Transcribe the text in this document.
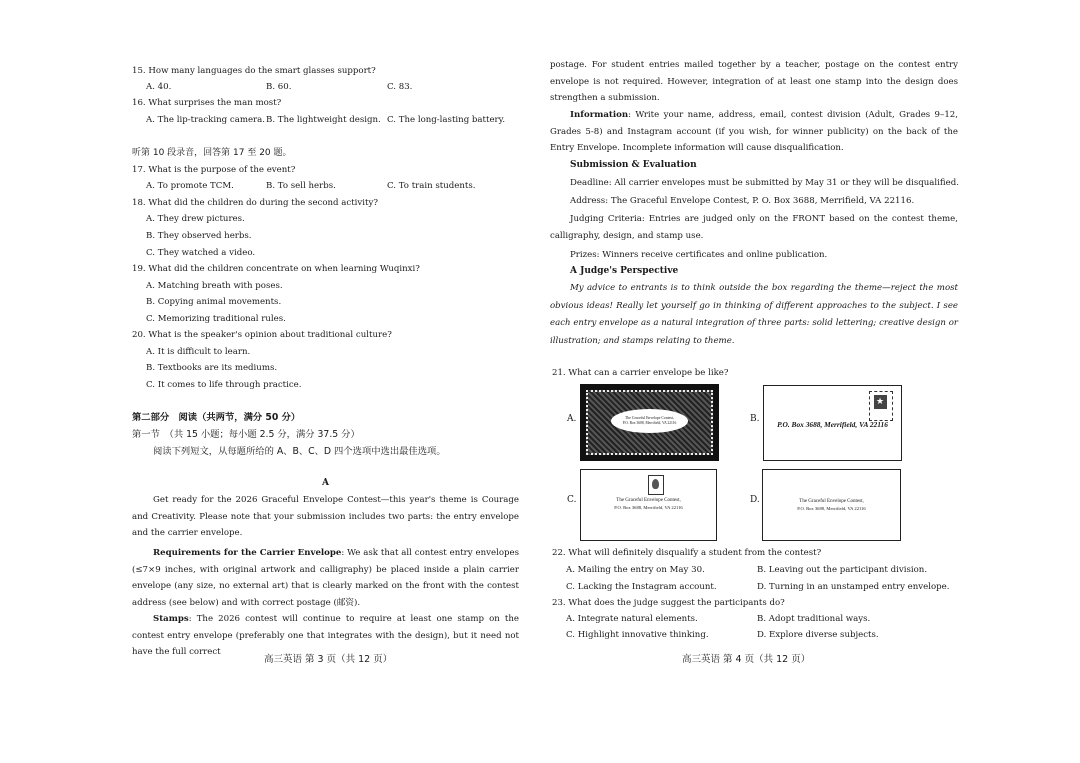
15. How many languages do the smart glasses support?
A. 40.	B. 60.	C. 83.
16. What surprises the man most?
A. The lip-tracking camera. B. The lightweight design. C. The long-lasting battery.
听第 10 段录音，回答第 17 至 20 题。
17. What is the purpose of the event?
A. To promote TCM.	B. To sell herbs.	C. To train students.
18. What did the children do during the second activity?
A. They drew pictures.
B. They observed herbs.
C. They watched a video.
19. What did the children concentrate on when learning Wuqinxi?
A. Matching breath with poses.
B. Copying animal movements.
C. Memorizing traditional rules.
20. What is the speaker's opinion about traditional culture?
A. It is difficult to learn.
B. Textbooks are its mediums.
C. It comes to life through practice.
第二部分　阅读（共两节，满分 50 分）
第一节　（共 15 小题；每小题 2.5 分，满分 37.5 分）
阅读下列短文，从每题所给的 A、B、C、D 四个选项中选出最佳选项。
A
Get ready for the 2026 Graceful Envelope Contest—this year's theme is Courage and Creativity. Please note that your submission includes two parts: the entry envelope and the carrier envelope.
Requirements for the Carrier Envelope: We ask that all contest entry envelopes (≤7×9 inches, with original artwork and calligraphy) be placed inside a plain carrier envelope (any size, no external art) that is clearly marked on the front with the contest address (see below) and with correct postage (邮资).
Stamps: The 2026 contest will continue to require at least one stamp on the contest entry envelope (preferably one that integrates with the design), but it need not have the full correct
高三英语 第 3 页（共 12 页）
postage. For student entries mailed together by a teacher, postage on the contest entry envelope is not required. However, integration of at least one stamp into the design does strengthen a submission.
Information: Write your name, address, email, contest division (Adult, Grades 9–12, Grades 5-8) and Instagram account (if you wish, for winner publicity) on the back of the Entry Envelope. Incomplete information will cause disqualification.
Submission & Evaluation
Deadline: All carrier envelopes must be submitted by May 31 or they will be disqualified.
Address: The Graceful Envelope Contest, P. O. Box 3688, Merrifield, VA 22116.
Judging Criteria: Entries are judged only on the FRONT based on the contest theme, calligraphy, design, and stamp use.
Prizes: Winners receive certificates and online publication.
A Judge's Perspective
My advice to entrants is to think outside the box regarding the theme—reject the most obvious ideas! Really let yourself go in thinking of different approaches to the subject. I see each entry envelope as a natural integration of three parts: solid lettering; creative design or illustration; and stamps relating to theme.
21. What can a carrier envelope be like?
A.	The Graceful Envelope Contest,
P.O. Box 3688, Merrifield, VA 22116	B.
★
P.O. Box 3688, Merrifield, VA 22116
C.	The Graceful Envelope Contest,
P.O. Box 3688, Merrifield, VA 22116
D.	The Graceful Envelope Contest,
P.O. Box 3688, Merrifield, VA 22116
22. What will definitely disqualify a student from the contest?
A. Mailing the entry on May 30.	B. Leaving out the participant division.
C. Lacking the Instagram account.	D. Turning in an unstamped entry envelope.
23. What does the judge suggest the participants do?
A. Integrate natural elements.	B. Adopt traditional ways.
C. Highlight innovative thinking.	D. Explore diverse subjects.
高三英语 第 4 页（共 12 页）
